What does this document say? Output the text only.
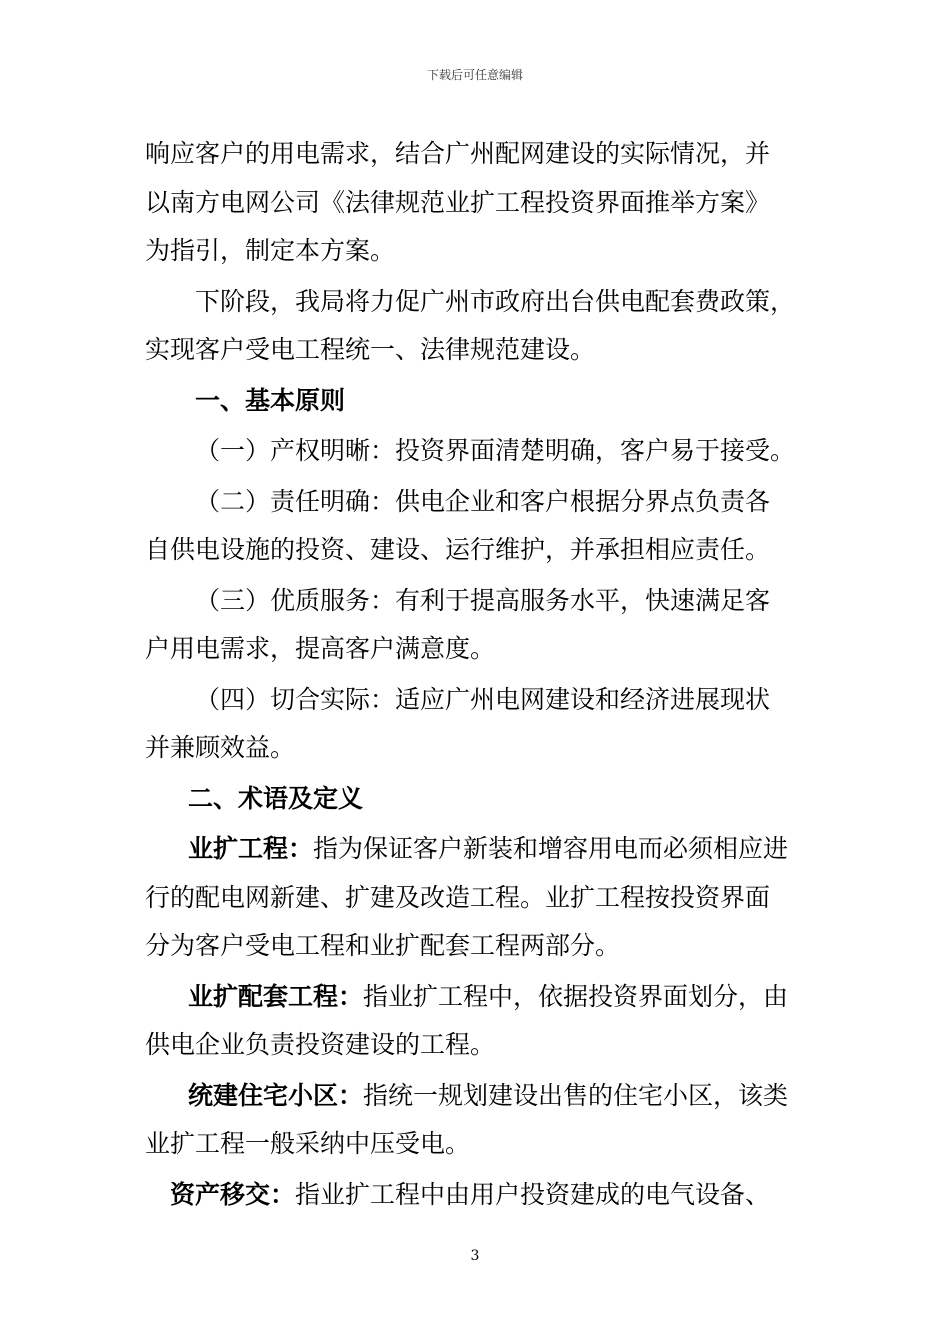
下载后可任意编辑
响应客户的用电需求，结合广州配网建设的实际情况，并
以南方电网公司《法律规范业扩工程投资界面推举方案》
为指引，制定本方案。
下阶段，我局将力促广州市政府出台供电配套费政策，
实现客户受电工程统一、法律规范建设。
一、基本原则
（一）产权明晰：投资界面清楚明确，客户易于接受。
（二）责任明确：供电企业和客户根据分界点负责各
自供电设施的投资、建设、运行维护，并承担相应责任。
（三）优质服务：有利于提高服务水平，快速满足客
户用电需求，提高客户满意度。
（四）切合实际：适应广州电网建设和经济进展现状
并兼顾效益。
二、术语及定义
业扩工程：指为保证客户新装和增容用电而必须相应进
行的配电网新建、扩建及改造工程。业扩工程按投资界面
分为客户受电工程和业扩配套工程两部分。
业扩配套工程：指业扩工程中，依据投资界面划分，由
供电企业负责投资建设的工程。
统建住宅小区：指统一规划建设出售的住宅小区，该类
业扩工程一般采纳中压受电。
资产移交：指业扩工程中由用户投资建成的电气设备、
3
